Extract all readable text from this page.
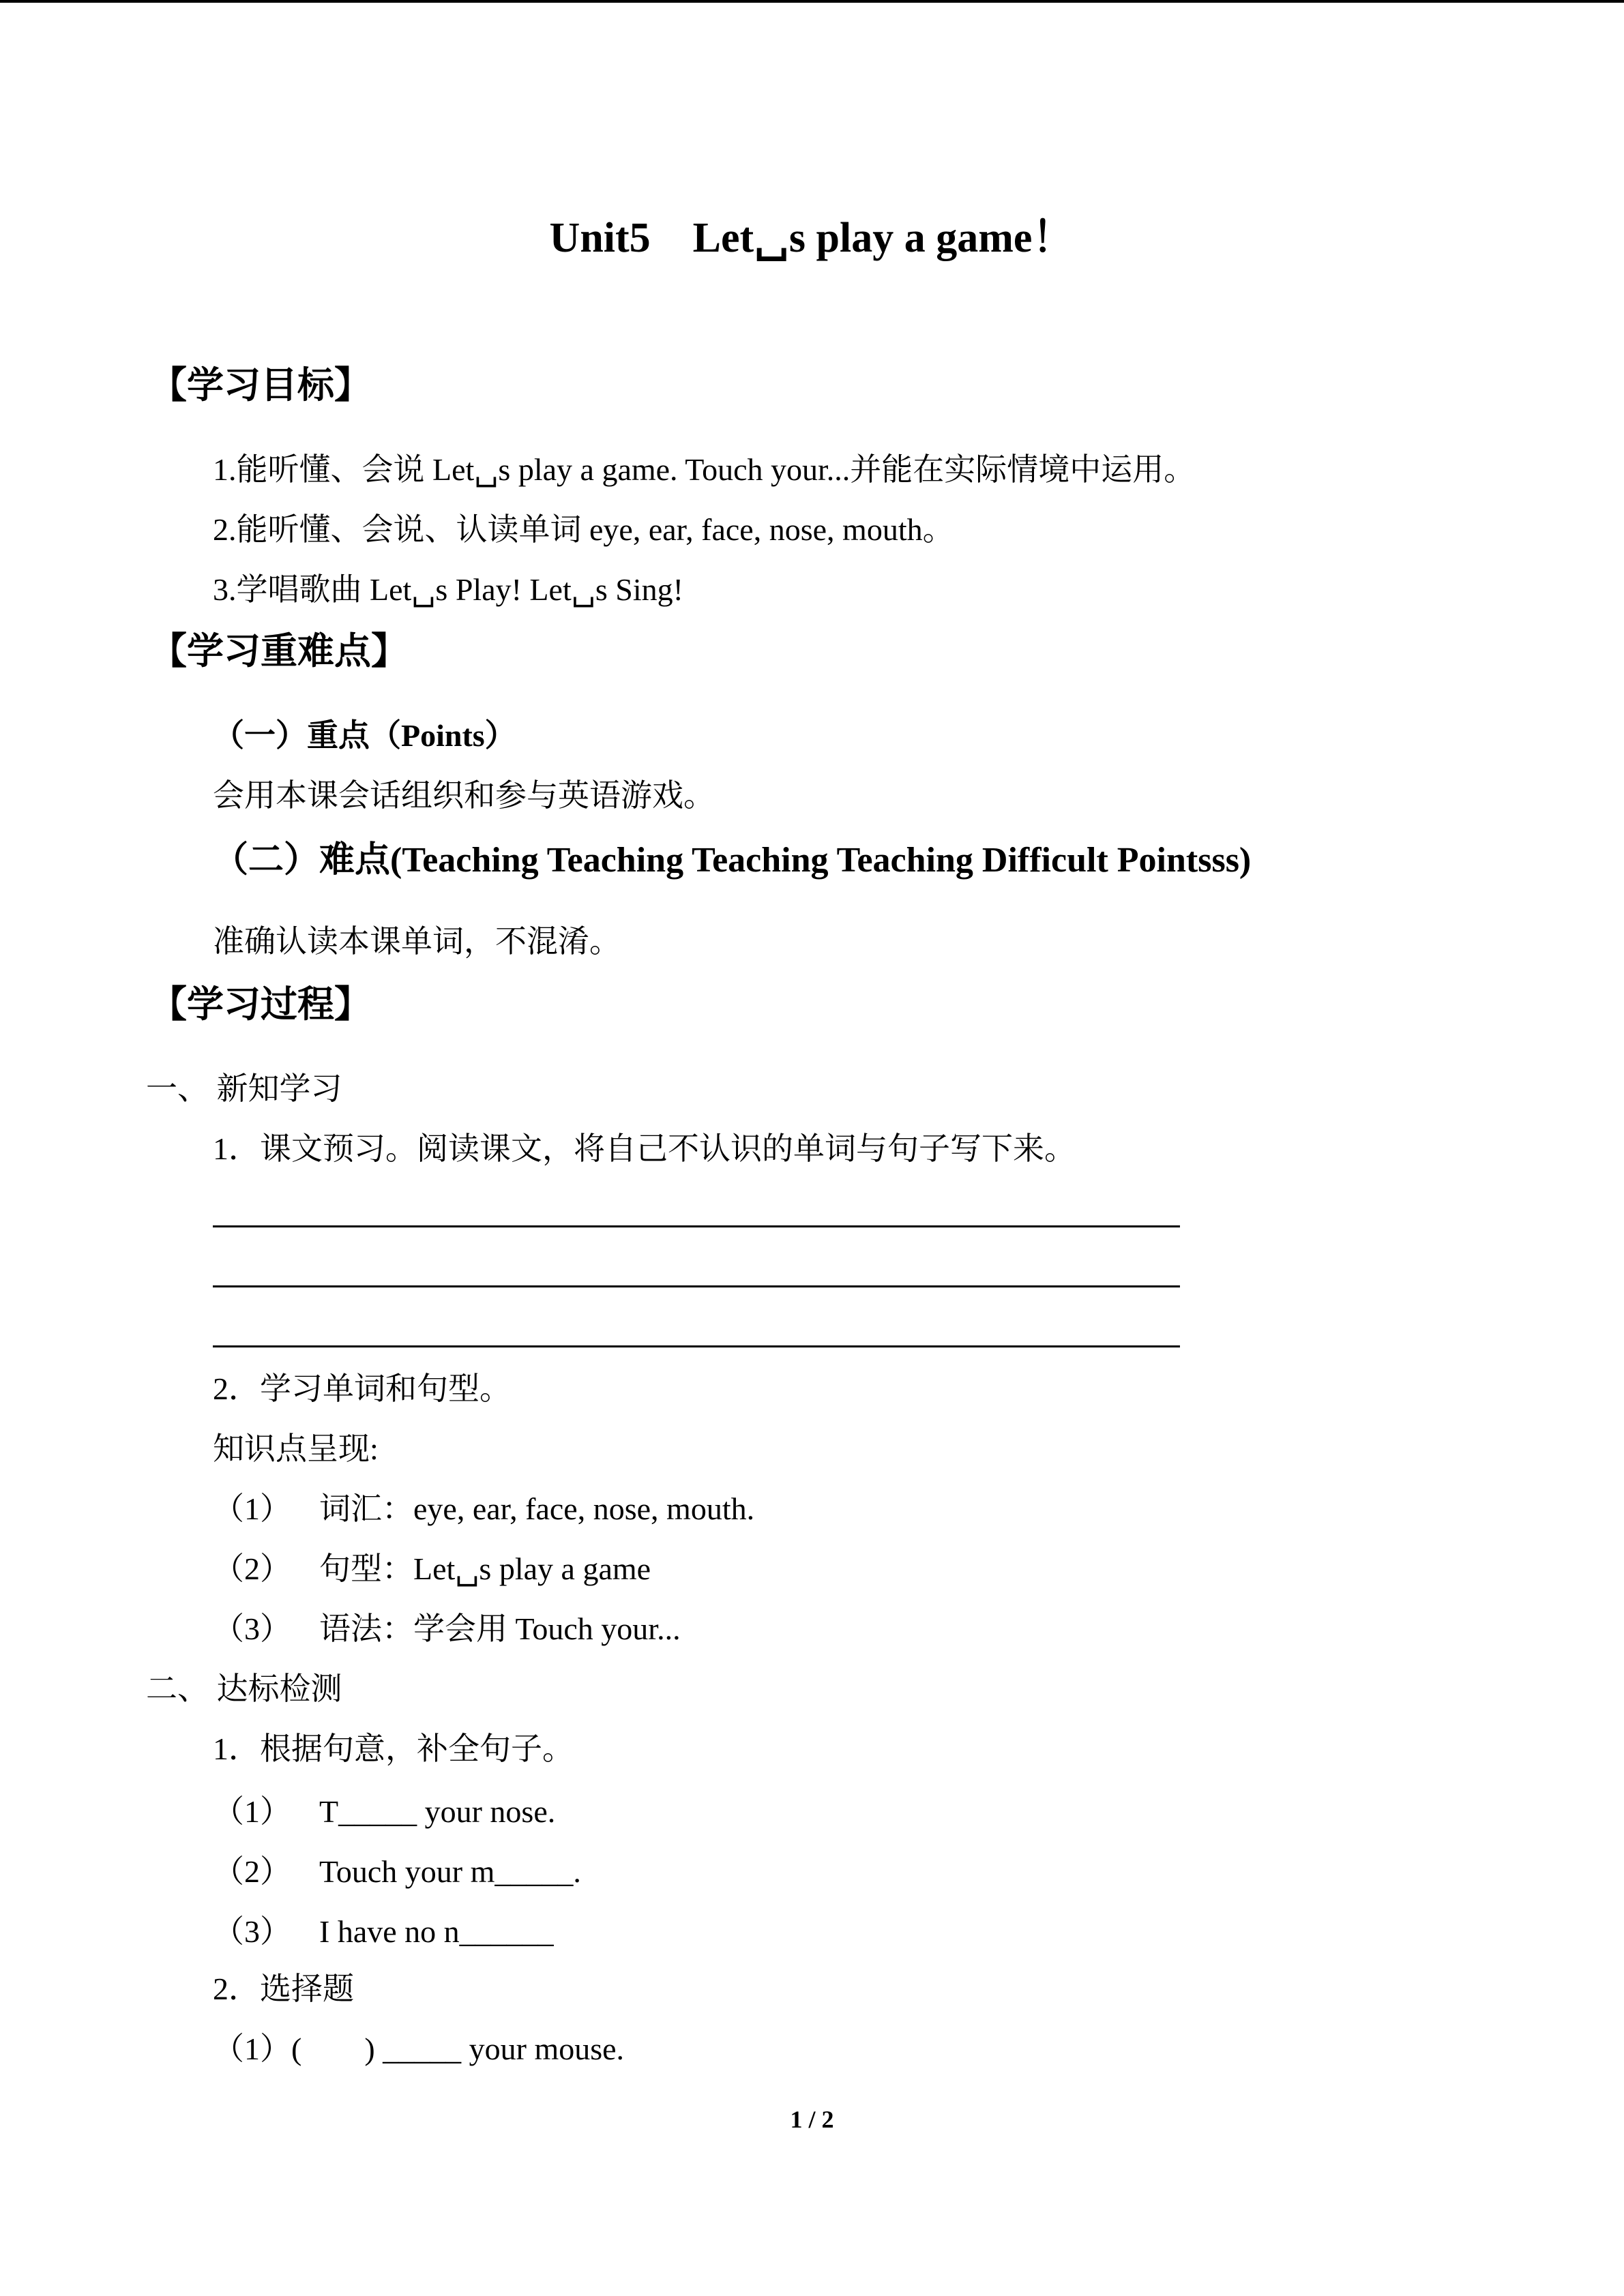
Unit5　Let␣s play a game！
【学习目标】
1.能听懂、会说 Let␣s play a game. Touch your...并能在实际情境中运用。
2.能听懂、会说、认读单词 eye, ear, face, nose, mouth。
3.学唱歌曲 Let␣s Play! Let␣s Sing!
【学习重难点】
（一）重点（Points）
会用本课会话组织和参与英语游戏。
（二）难点(Teaching Teaching Teaching Teaching Difficult Pointsss)
准确认读本课单词，不混淆。
【学习过程】
一、 新知学习
1．课文预习。阅读课文，将自己不认识的单词与句子写下来。
2．学习单词和句型。
知识点呈现:
（1） 词汇：eye, ear, face, nose, mouth.
（2） 句型：Let␣s play a game
（3） 语法：学会用 Touch your...
二、 达标检测
1．根据句意，补全句子。
（1） T_____ your nose.
（2） Touch your m_____.
（3） I have no n______
2．选择题
（1）(　　) _____ your mouse.
1 / 2
